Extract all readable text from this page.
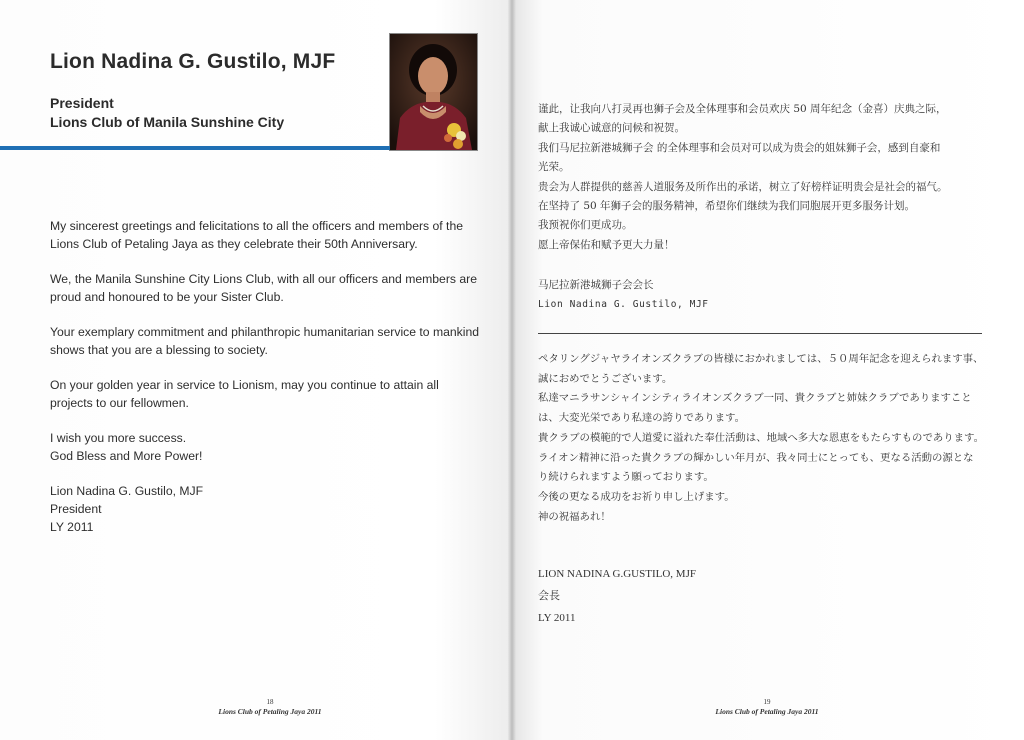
Lion Nadina G. Gustilo, MJF
President
Lions Club of Manila Sunshine City

My sincerest greetings and felicitations to all the officers and members of the Lions Club of Petaling Jaya as they celebrate their 50th Anniversary.

We, the Manila Sunshine City Lions Club, with all our officers and members are proud and honoured to be your Sister Club.

Your exemplary commitment and philanthropic humanitarian service to mankind shows that you are a blessing to society.

On your golden year in service to Lionism, may you continue to attain all projects to our fellowmen.

I wish you more success.
God Bless and More Power!

Lion Nadina G. Gustilo, MJF
President
LY 2011
谨此，让我向八打灵再也狮子会及全体理事和会员欢庆 50 周年纪念（金喜）庆典之际，
献上我诚心诚意的问候和祝贺。
我们马尼拉新港城狮子会 的全体理事和会员对可以成为贵会的姐妹狮子会，感到自豪和
光荣。
贵会为人群提供的慈善人道服务及所作出的承诺，树立了好榜样证明贵会是社会的福气。
在坚持了 50 年狮子会的服务精神，希望你们继续为我们同胞展开更多服务计划。
我预祝你们更成功。
愿上帝保佑和赋予更大力量！
马尼拉新港城狮子会会长
Lion Nadina G. Gustilo, MJF
ペタリングジャヤライオンズクラブの皆様におかれましては、５０周年記念を迎えられます事、
誠におめでとうございます。
私達マニラサンシャインシティライオンズクラブ一同、貴クラブと姉妹クラブでありますこと
は、大変光栄であり私達の誇りであります。
貴クラブの模範的で人道愛に溢れた奉仕活動は、地域へ多大な恩恵をもたらすものであります。
ライオン精神に沿った貴クラブの輝かしい年月が、我々同士にとっても、更なる活動の源とな
り続けられますよう願っております。
今後の更なる成功をお祈り申し上げます。
神の祝福あれ！
LION NADINA G.GUSTILO, MJF
会長
LY 2011
18
Lions Club of Petaling Jaya 2011
19
Lions Club of Petaling Jaya 2011
